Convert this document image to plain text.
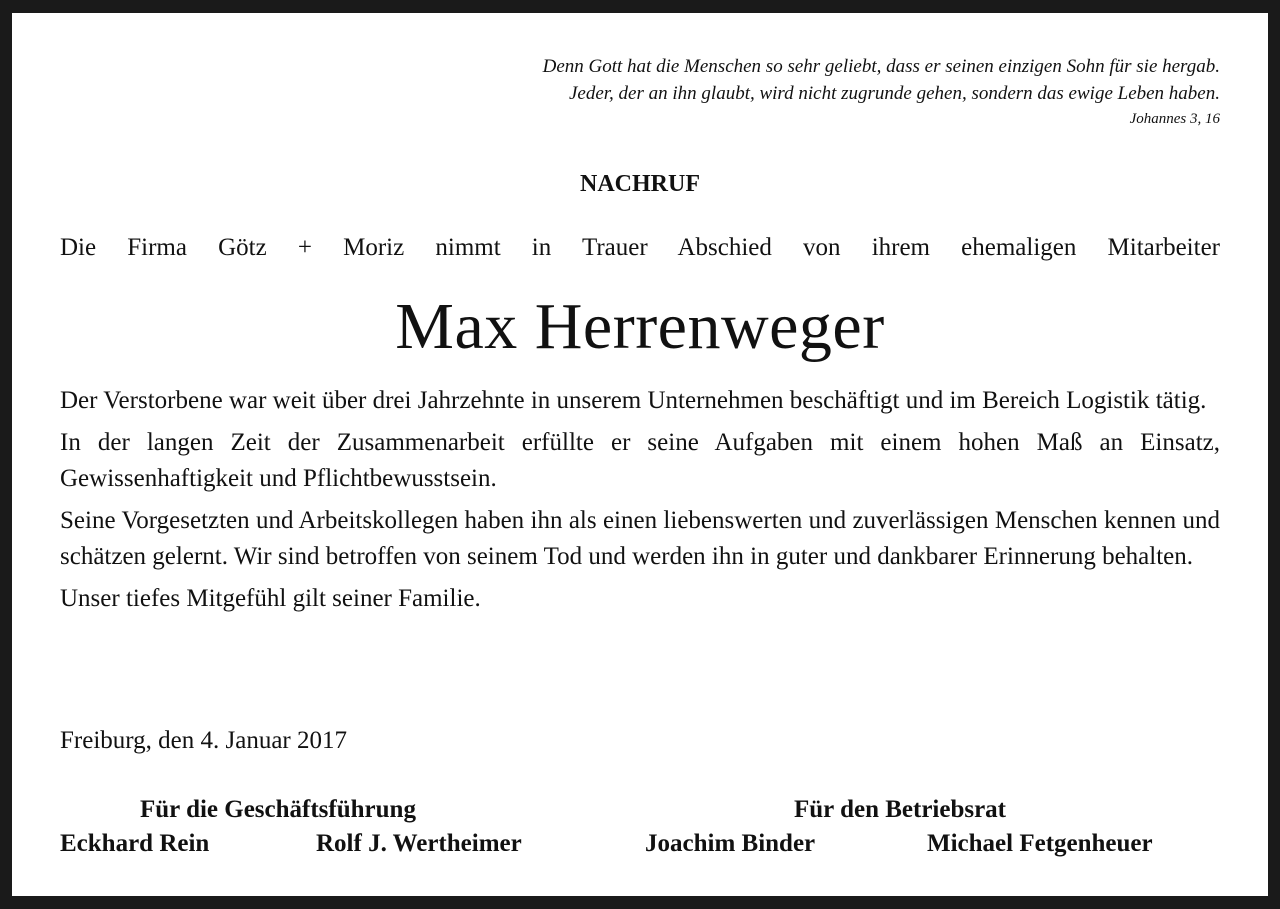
Denn Gott hat die Menschen so sehr geliebt, dass er seinen einzigen Sohn für sie hergab.
Jeder, der an ihn glaubt, wird nicht zugrunde gehen, sondern das ewige Leben haben.
Johannes 3, 16
NACHRUF
Die Firma Götz + Moriz nimmt in Trauer Abschied von ihrem ehemaligen Mitarbeiter
Max Herrenweger

Der Verstorbene war weit über drei Jahrzehnte in unserem Unternehmen beschäftigt und im Bereich Logistik tätig.

In der langen Zeit der Zusammenarbeit erfüllte er seine Aufgaben mit einem hohen Maß an Einsatz, Gewissenhaftigkeit und Pflichtbewusstsein.

Seine Vorgesetzten und Arbeitskollegen haben ihn als einen liebenswerten und zuverlässigen Menschen kennen und schätzen gelernt. Wir sind betroffen von seinem Tod und werden ihn in guter und dankbarer Erinnerung behalten.

Unser tiefes Mitgefühl gilt seiner Familie.

Freiburg, den 4. Januar 2017
Für die Geschäftsführung	Für den Betriebsrat
Eckhard Rein	Rolf J. Wertheimer	Joachim Binder	Michael Fetgenheuer
